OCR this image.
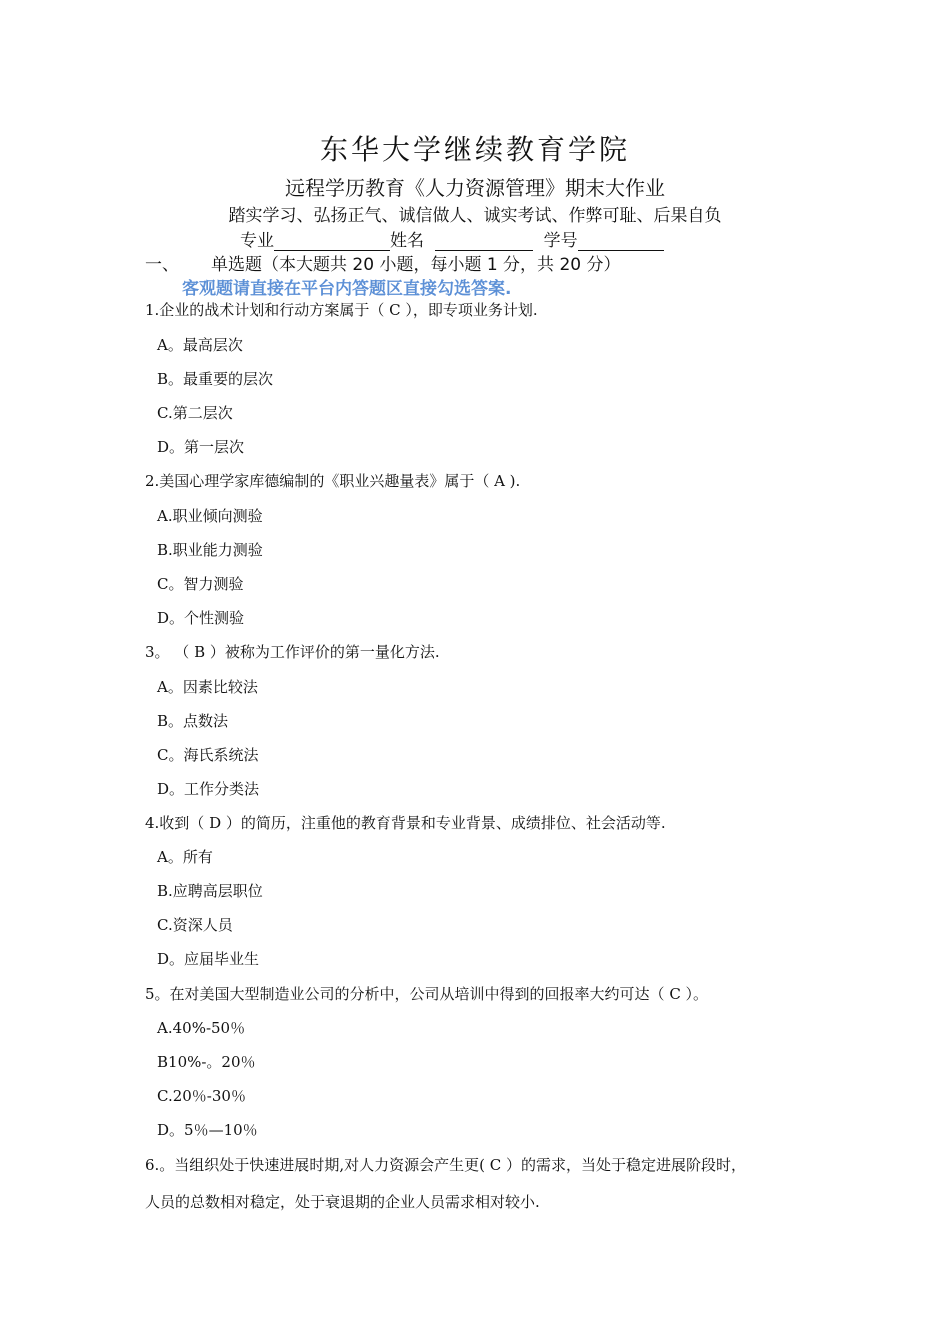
东华大学继续教育学院
远程学历教育《人力资源管理》期末大作业
踏实学习、弘扬正气、诚信做人、诚实考试、作弊可耻、后果自负
专业	姓名	学号
一、 单选题（本大题共 20 小题，每小题 1 分，共 20 分）
客观题请直接在平台内答题区直接勾选答案.
1.企业的战术计划和行动方案属于（ C ），即专项业务计划.
A。最高层次
B。最重要的层次
C.第二层次
D。第一层次
2.美国心理学家库德编制的《职业兴趣量表》属于（ A ).
A.职业倾向测验
B.职业能力测验
C。智力测验
D。个性测验
3。 （ B ）被称为工作评价的第一量化方法.
A。因素比较法
B。点数法
C。海氏系统法
D。工作分类法
4.收到（ D ）的简历，注重他的教育背景和专业背景、成绩排位、社会活动等.
A。所有
B.应聘高层职位
C.资深人员
D。应届毕业生
5。在对美国大型制造业公司的分析中，公司从培训中得到的回报率大约可达（ C ）。
A.40%-50％
B10%-。20％
C.20％-30％
D。5％—10％
6.。当组织处于快速进展时期,对人力资源会产生更( C ）的需求，当处于稳定进展阶段时，
人员的总数相对稳定，处于衰退期的企业人员需求相对较小.
